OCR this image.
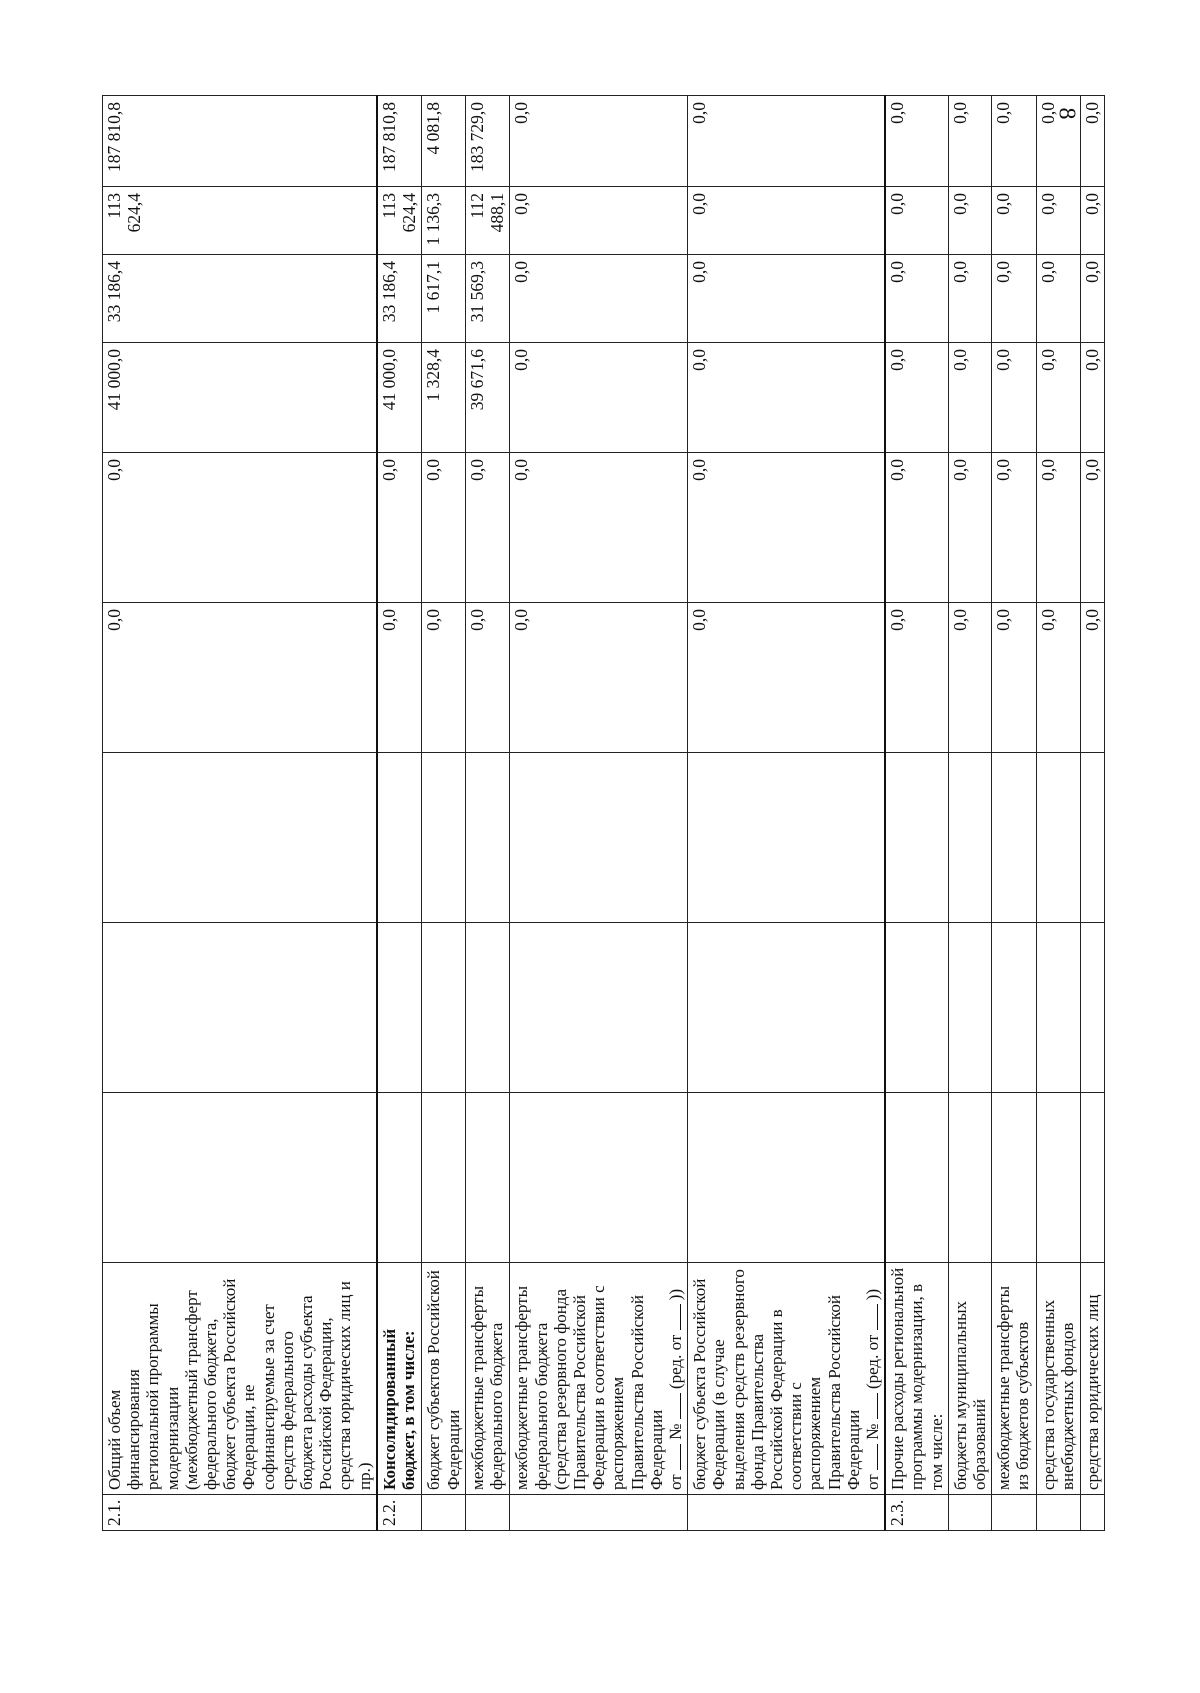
8
2.1.	Общий объем финансирования региональной программы модернизации (межбюджетный трансферт федерального бюджета, бюджет субъекта Российской Федерации, не софинансируемые за счет средств федерального бюджета расходы субъекта Российской Федерации, средства юридических лиц и пр.)				0,0	0,0	41 000,0	33 186,4	113 624,4	187 810,8
2.2.	Консолидированный бюджет, в том числе:				0,0	0,0	41 000,0	33 186,4	113 624,4	187 810,8
	бюджет субъектов Российской Федерации				0,0	0,0	1 328,4	1 617,1	1 136,3	4 081,8
	межбюджетные трансферты федерального бюджета				0,0	0,0	39 671,6	31 569,3	112 488,1	183 729,0
	межбюджетные трансферты федерального бюджета (средства резервного фонда Правительства Российской Федерации в соответствии с распоряжением Правительства Российской Федерации
от  №  (ред. от  ))				0,0	0,0	0,0	0,0	0,0	0,0
	бюджет субъекта Российской Федерации (в случае выделения средств резервного фонда Правительства Российской Федерации в соответствии с распоряжением Правительства Российской Федерации
от  №  (ред. от  ))				0,0	0,0	0,0	0,0	0,0	0,0
2.3.	Прочие расходы региональной программы модернизации, в том числе:				0,0	0,0	0,0	0,0	0,0	0,0
	бюджеты муниципальных образований				0,0	0,0	0,0	0,0	0,0	0,0
	межбюджетные трансферты из бюджетов субъектов				0,0	0,0	0,0	0,0	0,0	0,0
	средства государственных внебюджетных фондов				0,0	0,0	0,0	0,0	0,0	0,0
	средства юридических лиц				0,0	0,0	0,0	0,0	0,0	0,0
